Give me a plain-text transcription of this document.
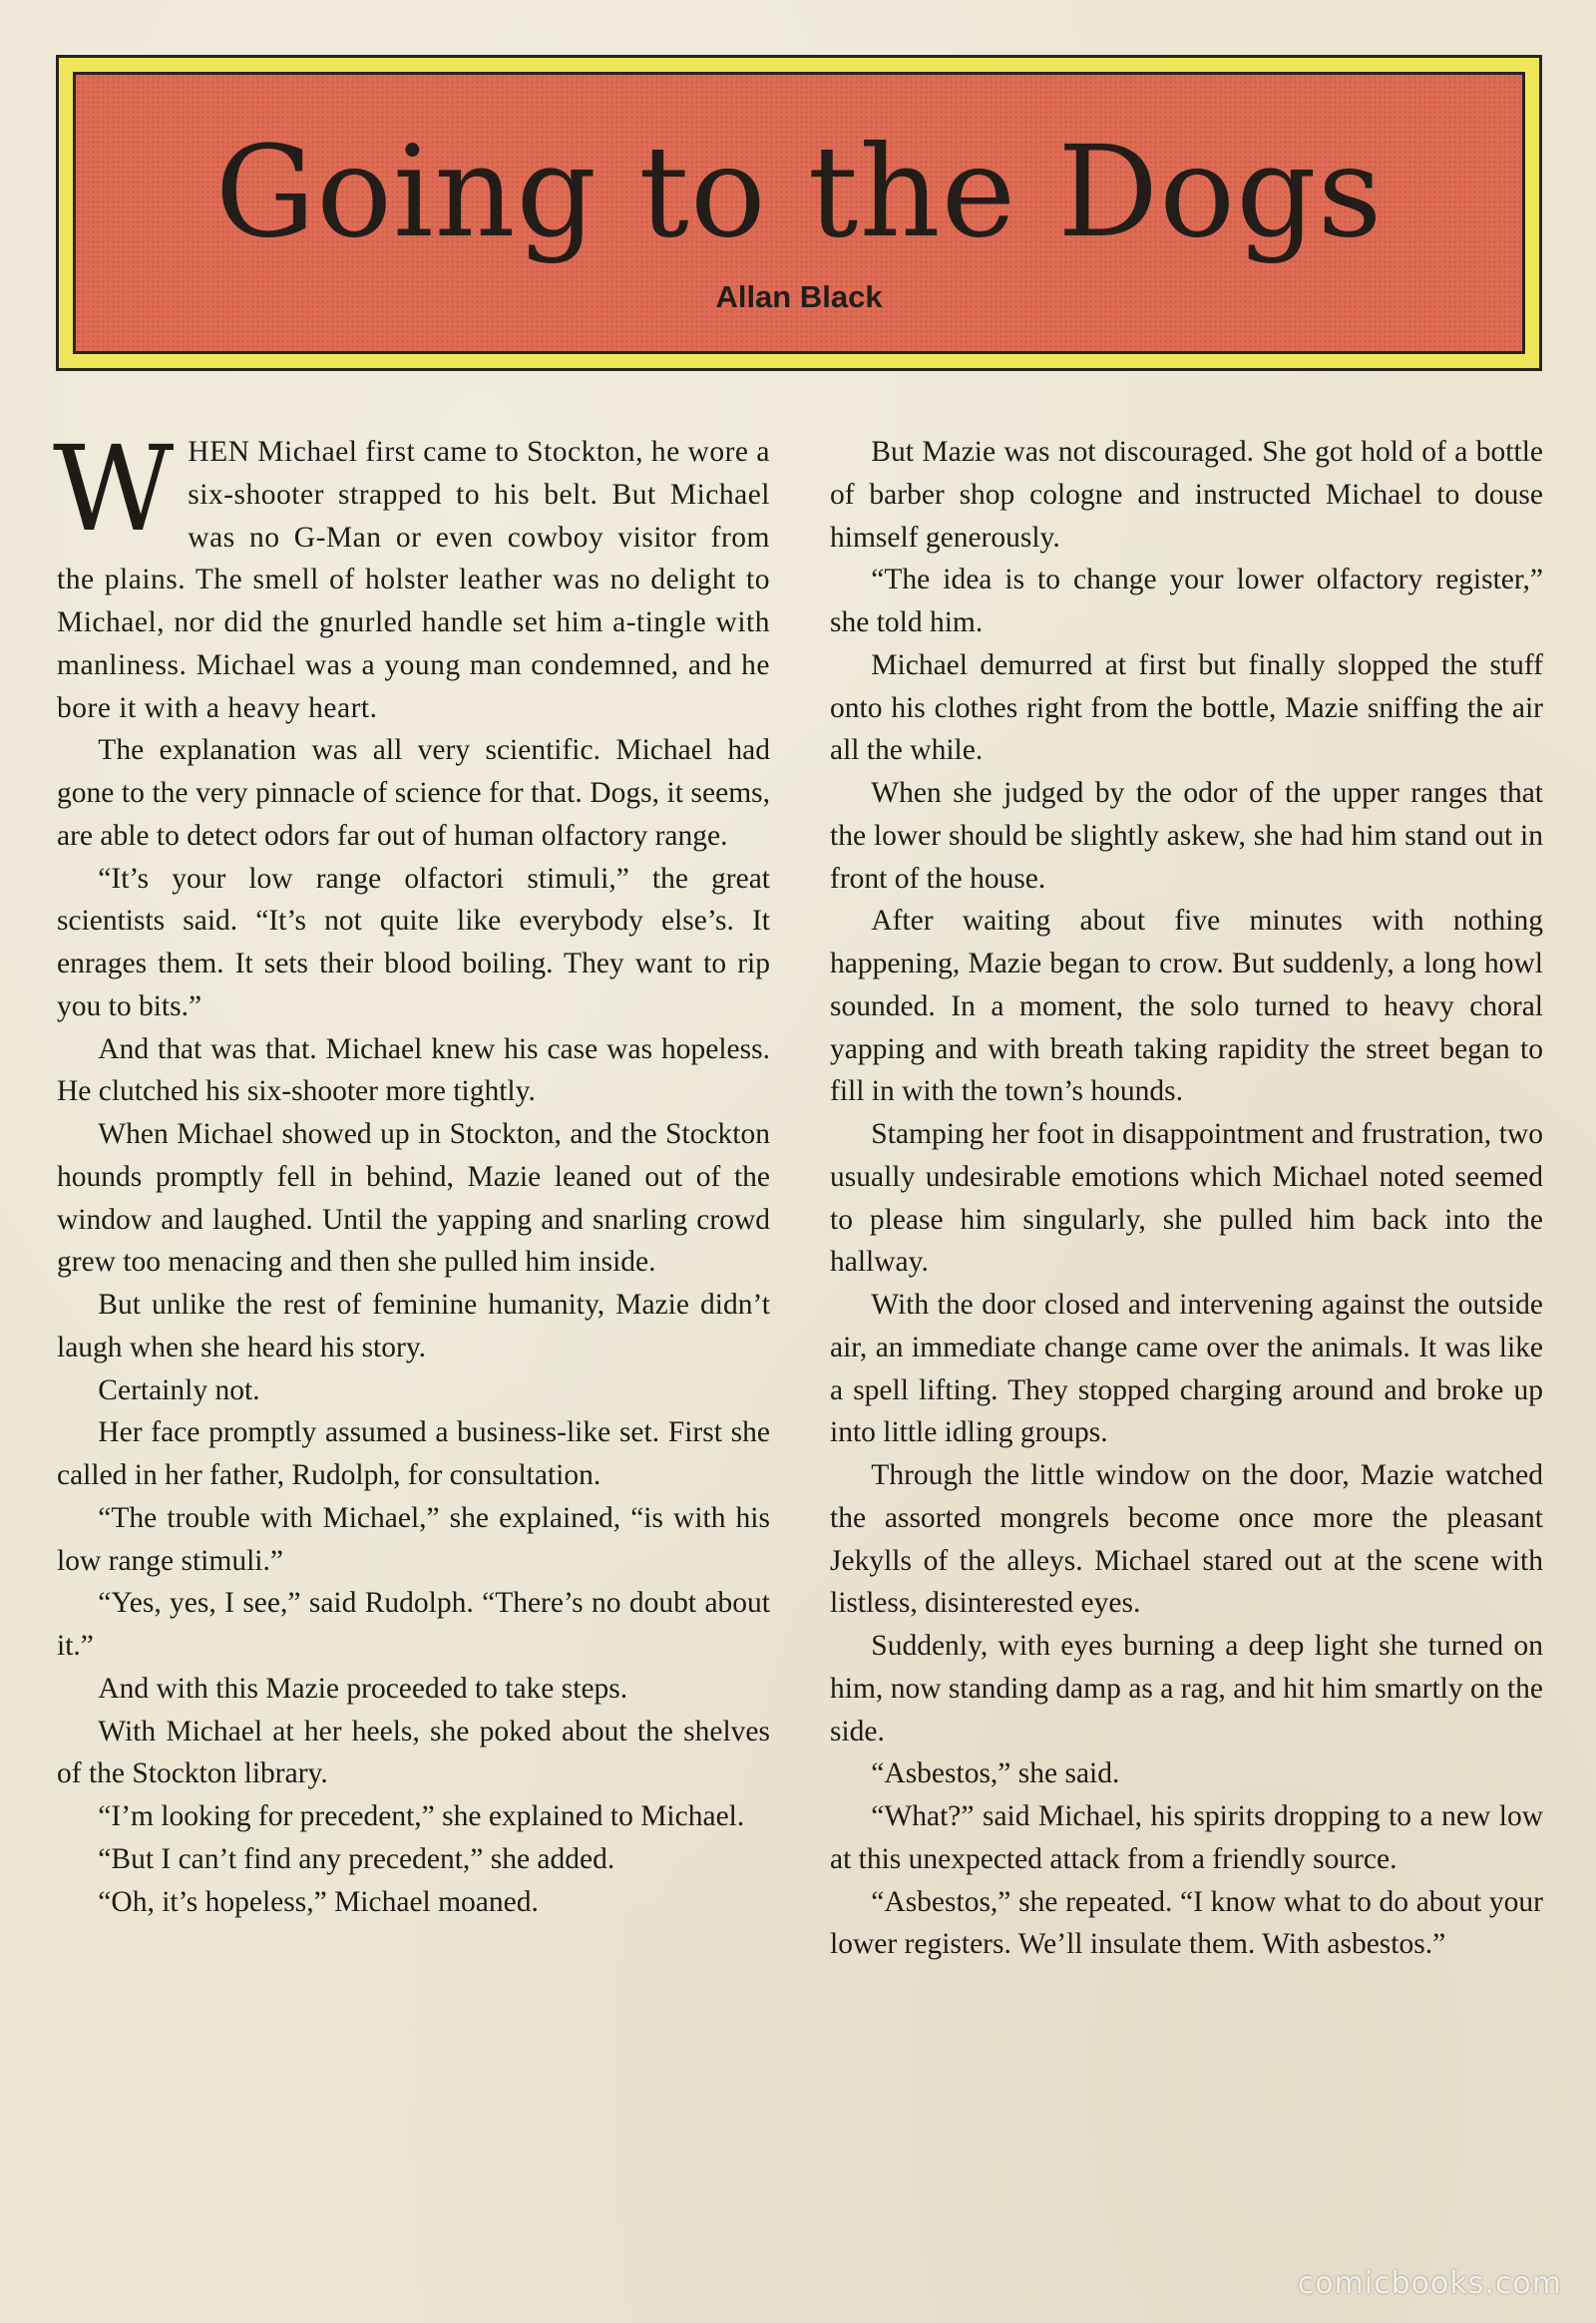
Going to the Dogs
Allan Black

WHEN Michael first came to Stockton, he wore a six-shooter strapped to his belt. But Michael was no G-Man or even cowboy visitor from the plains. The smell of holster leather was no delight to Michael, nor did the gnurled handle set him a-tingle with manliness. Michael was a young man condemned, and he bore it with a heavy heart.

The explanation was all very scientific. Michael had gone to the very pinnacle of science for that. Dogs, it seems, are able to detect odors far out of human olfactory range.

“It’s your low range olfactori stimuli,” the great scientists said. “It’s not quite like everybody else’s. It enrages them. It sets their blood boiling. They want to rip you to bits.”

And that was that. Michael knew his case was hopeless. He clutched his six-shooter more tightly.

When Michael showed up in Stockton, and the Stockton hounds promptly fell in behind, Mazie leaned out of the window and laughed. Until the yapping and snarling crowd grew too menacing and then she pulled him inside.

But unlike the rest of feminine humanity, Mazie didn’t laugh when she heard his story.

Certainly not.

Her face promptly assumed a business-like set. First she called in her father, Rudolph, for consultation.

“The trouble with Michael,” she explained, “is with his low range stimuli.”

“Yes, yes, I see,” said Rudolph. “There’s no doubt about it.”

And with this Mazie proceeded to take steps.

With Michael at her heels, she poked about the shelves of the Stockton library.

“I’m looking for precedent,” she explained to Michael.

“But I can’t find any precedent,” she added.

“Oh, it’s hopeless,” Michael moaned.

But Mazie was not discouraged. She got hold of a bottle of barber shop cologne and instructed Michael to douse himself generously.

“The idea is to change your lower olfactory register,” she told him.

Michael demurred at first but finally slopped the stuff onto his clothes right from the bottle, Mazie sniffing the air all the while.

When she judged by the odor of the upper ranges that the lower should be slightly askew, she had him stand out in front of the house.

After waiting about five minutes with nothing happening, Mazie began to crow. But suddenly, a long howl sounded. In a moment, the solo turned to heavy choral yapping and with breath taking rapidity the street began to fill in with the town’s hounds.

Stamping her foot in disappointment and frustration, two usually undesirable emotions which Michael noted seemed to please him singularly, she pulled him back into the hallway.

With the door closed and intervening against the outside air, an immediate change came over the animals. It was like a spell lifting. They stopped charging around and broke up into little idling groups.

Through the little window on the door, Mazie watched the assorted mongrels become once more the pleasant Jekylls of the alleys. Michael stared out at the scene with listless, disinterested eyes.

Suddenly, with eyes burning a deep light she turned on him, now standing damp as a rag, and hit him smartly on the side.

“Asbestos,” she said.

“What?” said Michael, his spirits dropping to a new low at this unexpected attack from a friendly source.

“Asbestos,” she repeated. “I know what to do about your lower registers. We’ll insulate them. With asbestos.”

comicbooks.com
